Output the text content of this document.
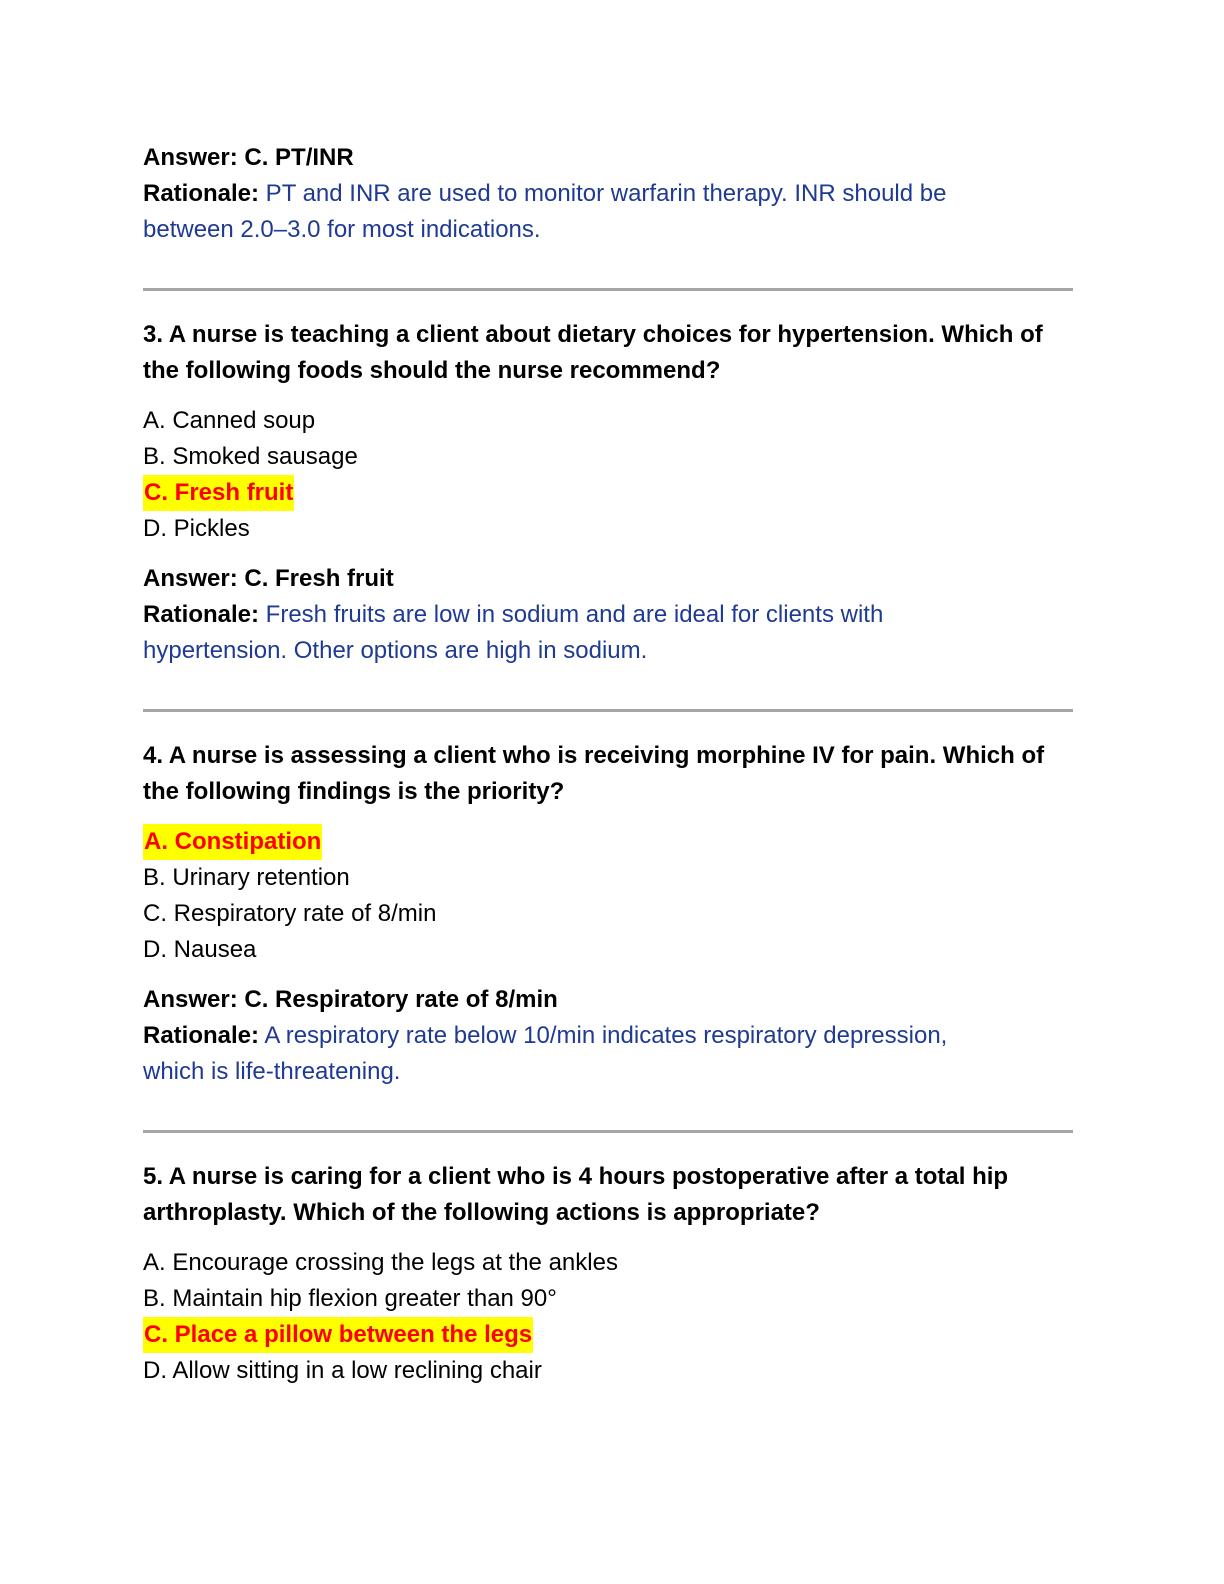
Answer: C. PT/INR
Rationale: PT and INR are used to monitor warfarin therapy. INR should be
between 2.0–3.0 for most indications.
3. A nurse is teaching a client about dietary choices for hypertension. Which of
the following foods should the nurse recommend?
A. Canned soup
B. Smoked sausage
C. Fresh fruit
D. Pickles
Answer: C. Fresh fruit
Rationale: Fresh fruits are low in sodium and are ideal for clients with
hypertension. Other options are high in sodium.
4. A nurse is assessing a client who is receiving morphine IV for pain. Which of
the following findings is the priority?
A. Constipation
B. Urinary retention
C. Respiratory rate of 8/min
D. Nausea
Answer: C. Respiratory rate of 8/min
Rationale: A respiratory rate below 10/min indicates respiratory depression,
which is life-threatening.
5. A nurse is caring for a client who is 4 hours postoperative after a total hip
arthroplasty. Which of the following actions is appropriate?
A. Encourage crossing the legs at the ankles
B. Maintain hip flexion greater than 90°
C. Place a pillow between the legs
D. Allow sitting in a low reclining chair
